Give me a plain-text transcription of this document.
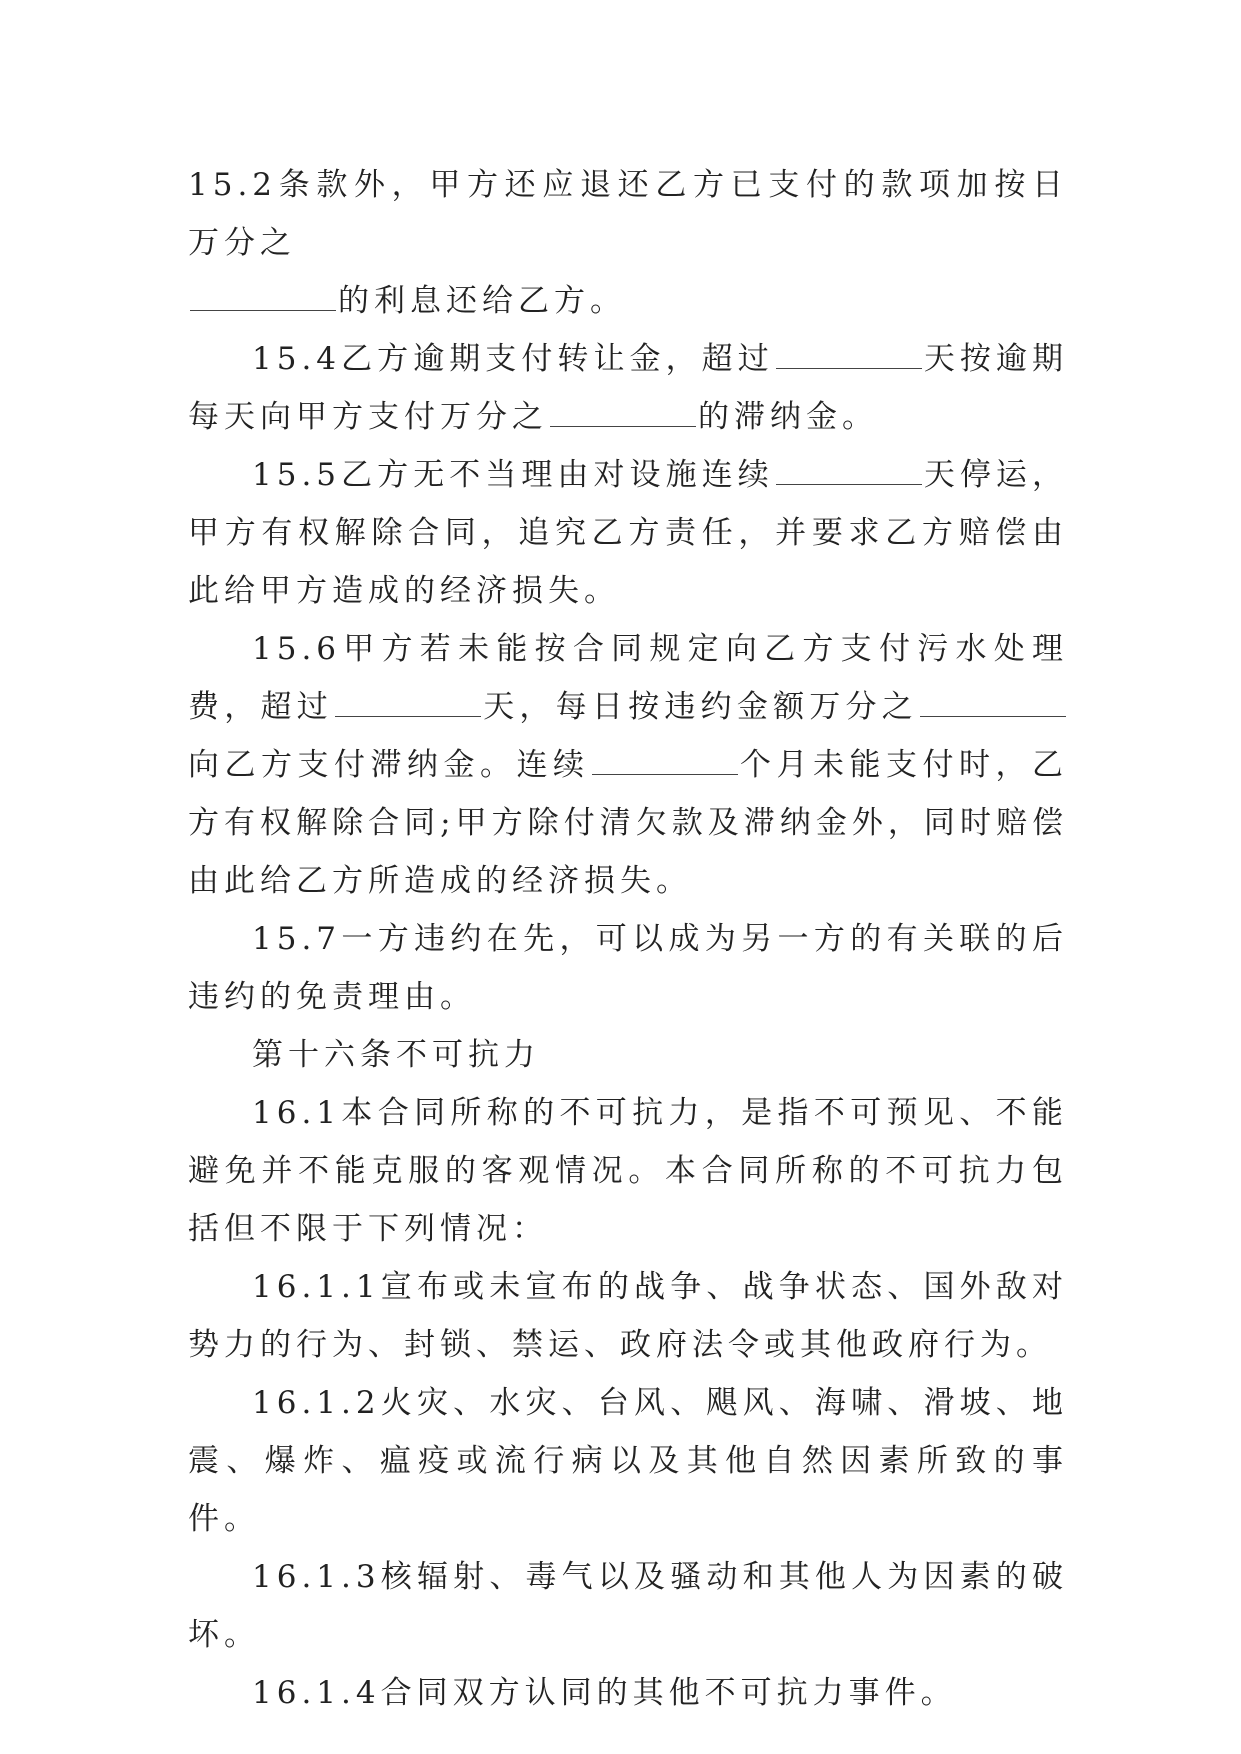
15.2条款外，甲方还应退还乙方已支付的款项加按日万分之
的利息还给乙方。

15.4乙方逾期支付转让金，超过	天按逾期每天向甲方支付万分之	的滞纳金。

15.5乙方无不当理由对设施连续	天停运，甲方有权解除合同，追究乙方责任，并要求乙方赔偿由此给甲方造成的经济损失。

15.6甲方若未能按合同规定向乙方支付污水处理费，超过	天，每日按违约金额万分之向乙方支付滞纳金。连续	个月未能支付时，乙方有权解除合同;甲方除付清欠款及滞纳金外，同时赔偿由此给乙方所造成的经济损失。

15.7一方违约在先，可以成为另一方的有关联的后违约的免责理由。

第十六条不可抗力

16.1本合同所称的不可抗力，是指不可预见、不能避免并不能克服的客观情况。本合同所称的不可抗力包括但不限于下列情况：

16.1.1宣布或未宣布的战争、战争状态、国外敌对势力的行为、封锁、禁运、政府法令或其他政府行为。

16.1.2火灾、水灾、台风、飓风、海啸、滑坡、地震、爆炸、瘟疫或流行病以及其他自然因素所致的事件。

16.1.3核辐射、毒气以及骚动和其他人为因素的破坏。

16.1.4合同双方认同的其他不可抗力事件。
